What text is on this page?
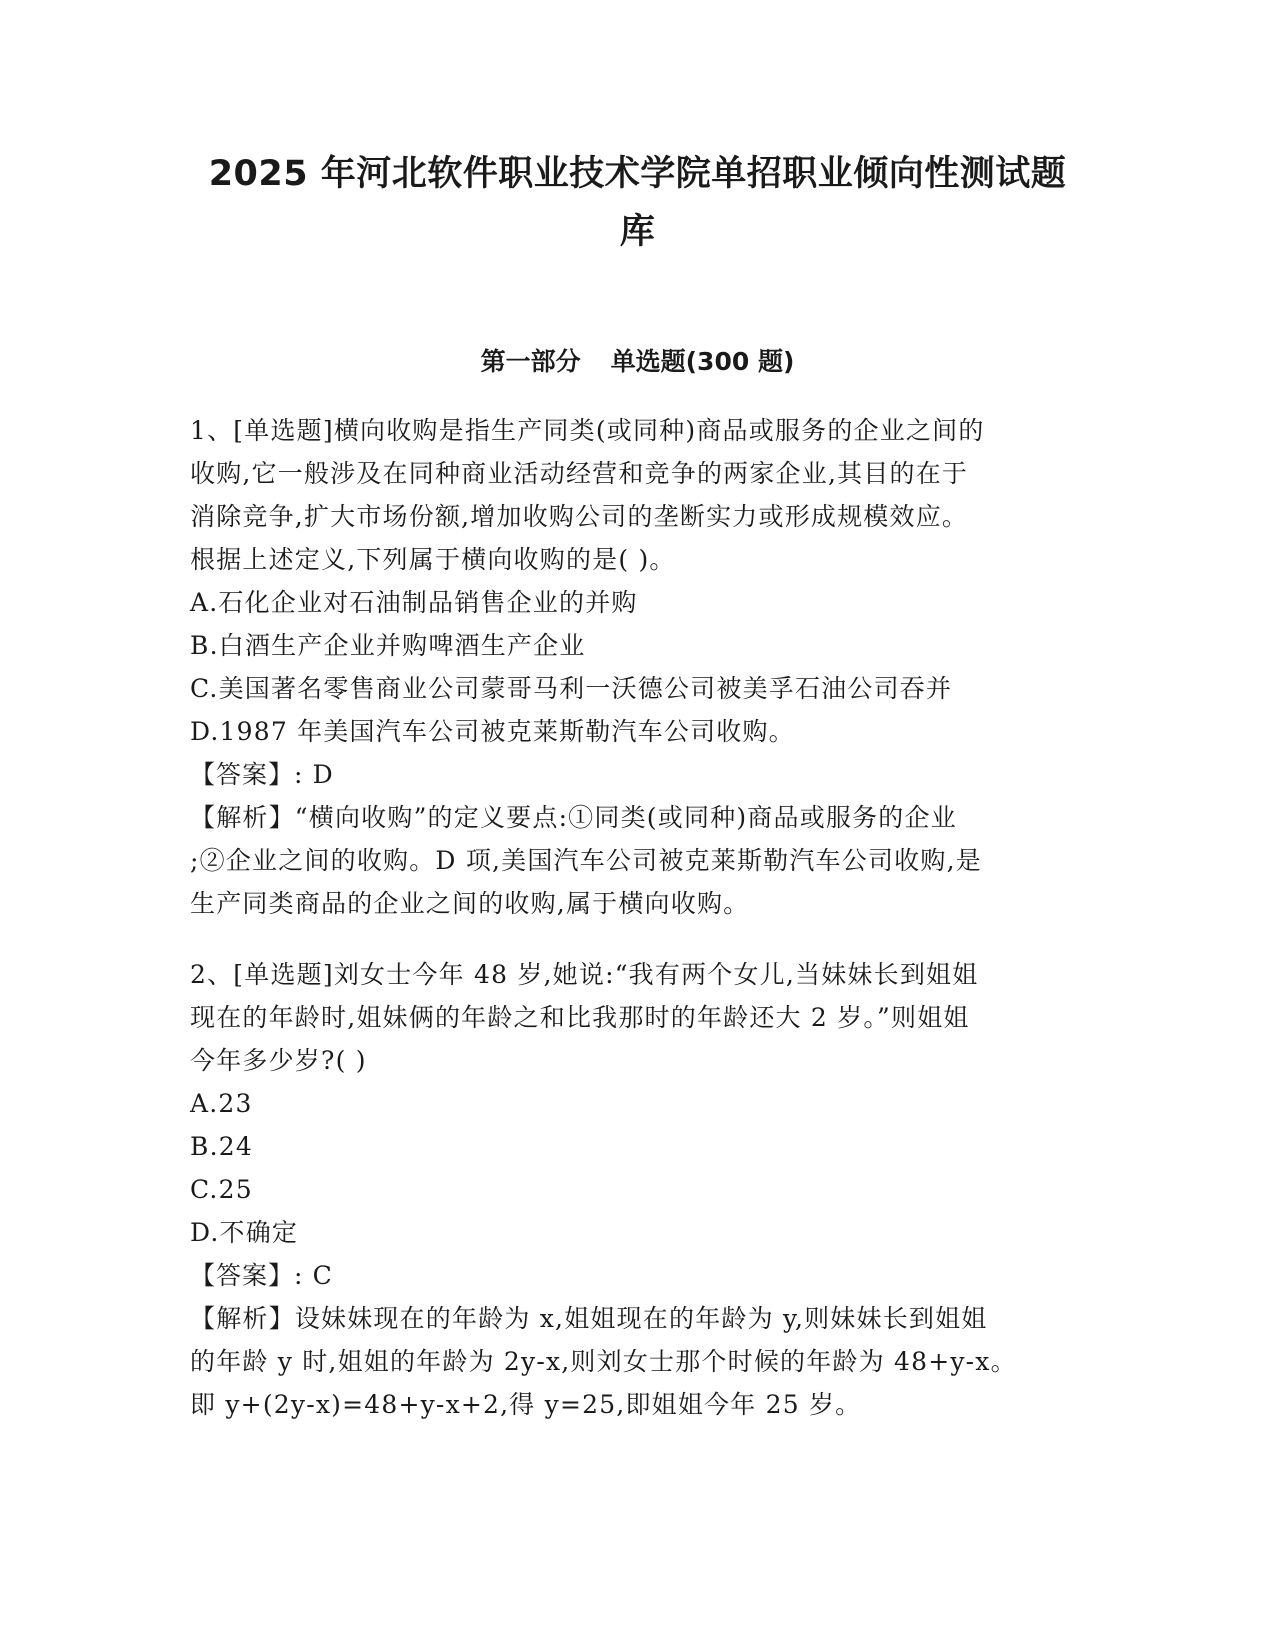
2025 年河北软件职业技术学院单招职业倾向性测试题
库
第一部分 单选题(300 题)
1、[单选题]横向收购是指生产同类(或同种)商品或服务的企业之间的
收购,它一般涉及在同种商业活动经营和竞争的两家企业,其目的在于
消除竞争,扩大市场份额,增加收购公司的垄断实力或形成规模效应。
根据上述定义,下列属于横向收购的是( )。
A.石化企业对石油制品销售企业的并购
B.白酒生产企业并购啤酒生产企业
C.美国著名零售商业公司蒙哥马利一沃德公司被美孚石油公司吞并
D.1987 年美国汽车公司被克莱斯勒汽车公司收购。
【答案】: D
【解析】“横向收购”的定义要点:①同类(或同种)商品或服务的企业
;②企业之间的收购。D 项,美国汽车公司被克莱斯勒汽车公司收购,是
生产同类商品的企业之间的收购,属于横向收购。
2、[单选题]刘女士今年 48 岁,她说:“我有两个女儿,当妹妹长到姐姐
现在的年龄时,姐妹俩的年龄之和比我那时的年龄还大 2 岁。”则姐姐
今年多少岁?( )
A.23
B.24
C.25
D.不确定
【答案】: C
【解析】设妹妹现在的年龄为 x,姐姐现在的年龄为 y,则妹妹长到姐姐
的年龄 y 时,姐姐的年龄为 2y-x,则刘女士那个时候的年龄为 48+y-x。
即 y+(2y-x)=48+y-x+2,得 y=25,即姐姐今年 25 岁。
